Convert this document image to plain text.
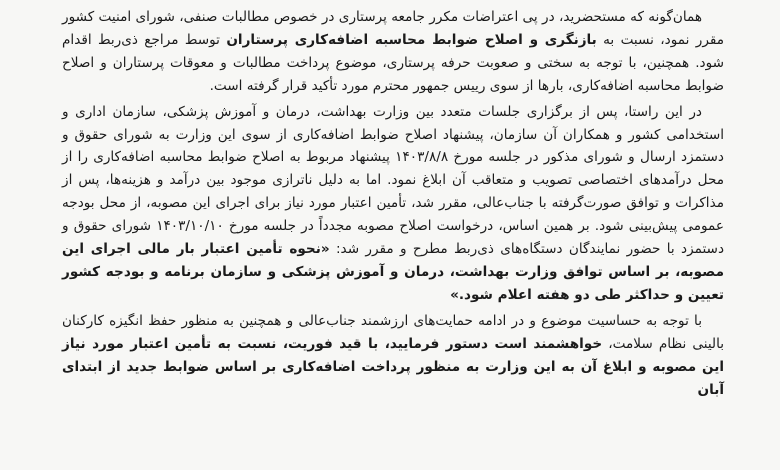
همان‌گونه که مستحضرید، در پی اعتراضات مکرر جامعه پرستاری در خصوص مطالبات صنفی، شورای امنیت کشور مقرر نمود، نسبت به بازنگری و اصلاح ضوابط محاسبه اضافه‌کاری پرستاران توسط مراجع ذی‌ربط اقدام شود. همچنین، با توجه به سختی و صعوبت حرفه پرستاری، موضوع پرداخت مطالبات و معوقات پرستاران و اصلاح ضوابط محاسبه اضافه‌کاری، بارها از سوی رییس جمهور محترم مورد تأکید قرار گرفته است.

در این راستا، پس از برگزاری جلسات متعدد بین وزارت بهداشت، درمان و آموزش پزشکی، سازمان اداری و استخدامی کشور و همکاران آن سازمان، پیشنهاد اصلاح ضوابط اضافه‌کاری از سوی این وزارت به شورای حقوق و دستمزد ارسال و شورای مذکور در جلسه مورخ ۱۴۰۳/۸/۸ پیشنهاد مربوط به اصلاح ضوابط محاسبه اضافه‌کاری را از محل درآمدهای اختصاصی تصویب و متعاقب آن ابلاغ نمود. اما به دلیل ناترازی موجود بین درآمد و هزینه‌ها، پس از مذاکرات و توافق صورت‌گرفته با جناب‌عالی، مقرر شد، تأمین اعتبار مورد نیاز برای اجرای این مصوبه، از محل بودجه عمومی پیش‌بینی شود. بر همین اساس، درخواست اصلاح مصوبه مجدداً در جلسه مورخ ۱۴۰۳/۱۰/۱۰ شورای حقوق و دستمزد با حضور نمایندگان دستگاه‌های ذی‌ربط مطرح و مقرر شد: «نحوه تأمین اعتبار بار مالی اجرای این مصوبه، بر اساس توافق وزارت بهداشت، درمان و آموزش پزشکی و سازمان برنامه و بودجه کشور تعیین و حداکثر طی دو هفته اعلام شود.»

با توجه به حساسیت موضوع و در ادامه حمایت‌های ارزشمند جناب‌عالی و همچنین به منظور حفظ انگیزه کارکنان بالینی نظام سلامت، خواهشمند است دستور فرمایید، با قید فوریت، نسبت به تأمین اعتبار مورد نیاز این مصوبه و ابلاغ آن به این وزارت به منظور پرداخت اضافه‌کاری بر اساس ضوابط جدید از ابتدای آبان
